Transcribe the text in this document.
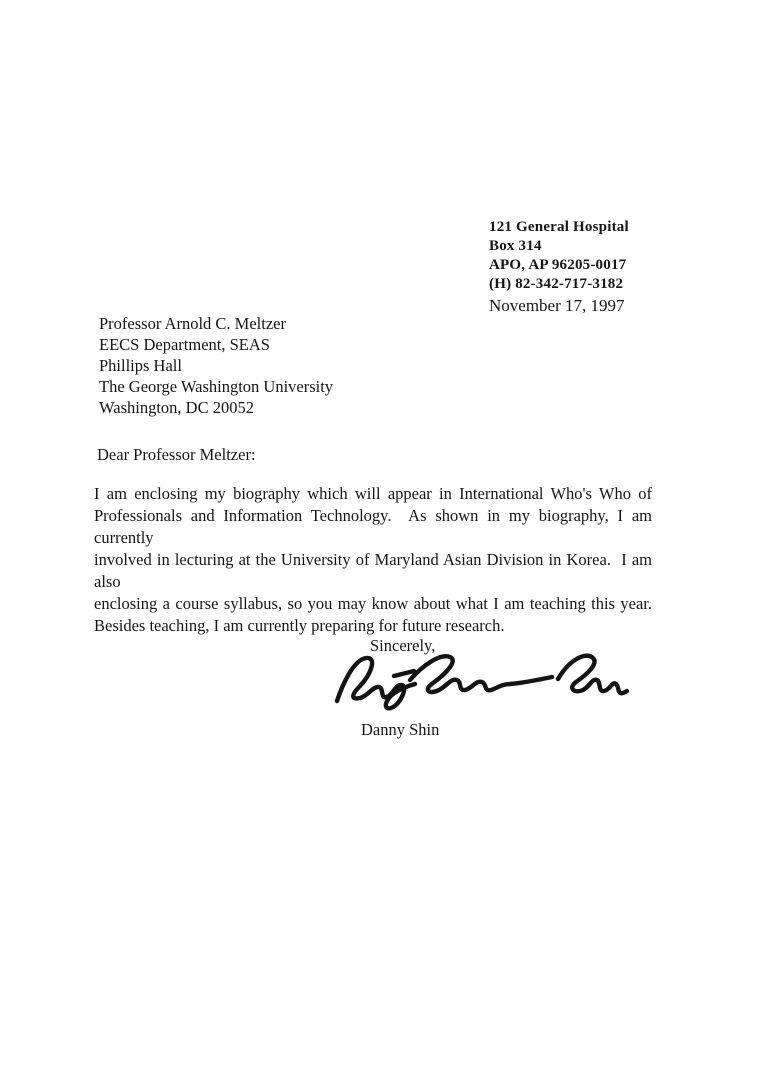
121 General Hospital
Box 314
APO, AP 96205-0017
(H) 82-342-717-3182
November 17, 1997
Professor Arnold C. Meltzer
EECS Department, SEAS
Phillips Hall
The George Washington University
Washington, DC 20052
Dear Professor Meltzer:
I am enclosing my biography which will appear in International Who's Who of
Professionals and Information Technology.  As shown in my biography, I am currently
involved in lecturing at the University of Maryland Asian Division in Korea.  I am also
enclosing a course syllabus, so you may know about what I am teaching this year.
Besides teaching, I am currently preparing for future research.
Sincerely,
Danny Shin
